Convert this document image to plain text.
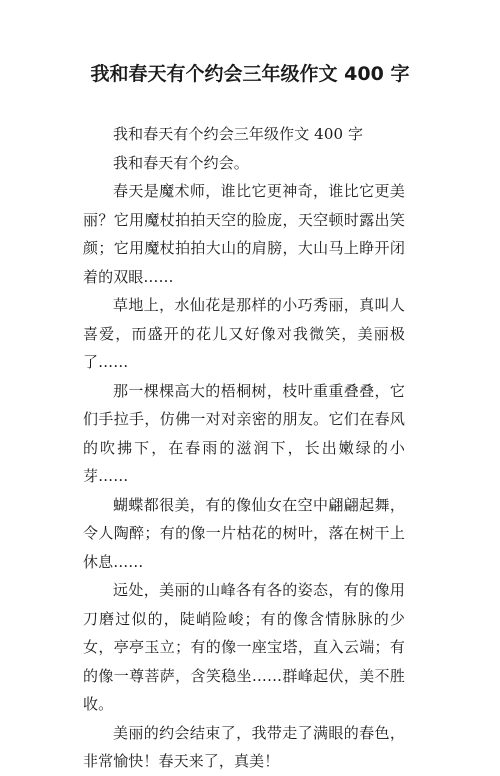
我和春天有个约会三年级作文 400 字

我和春天有个约会三年级作文 400 字

我和春天有个约会。

春天是魔术师，谁比它更神奇，谁比它更美丽？它用魔杖拍拍天空的脸庞，天空顿时露出笑颜；它用魔杖拍拍大山的肩膀，大山马上睁开闭着的双眼……

草地上，水仙花是那样的小巧秀丽，真叫人喜爱，而盛开的花儿又好像对我微笑，美丽极了……

那一棵棵高大的梧桐树，枝叶重重叠叠，它们手拉手，仿佛一对对亲密的朋友。它们在春风的吹拂下，在春雨的滋润下，长出嫩绿的小芽……

蝴蝶都很美，有的像仙女在空中翩翩起舞，令人陶醉；有的像一片枯花的树叶，落在树干上休息……

远处，美丽的山峰各有各的姿态，有的像用刀磨过似的，陡峭险峻；有的像含情脉脉的少女，亭亭玉立；有的像一座宝塔，直入云端；有的像一尊菩萨，含笑稳坐……群峰起伏，美不胜收。

美丽的约会结束了，我带走了满眼的春色，非常愉快！春天来了，真美！
